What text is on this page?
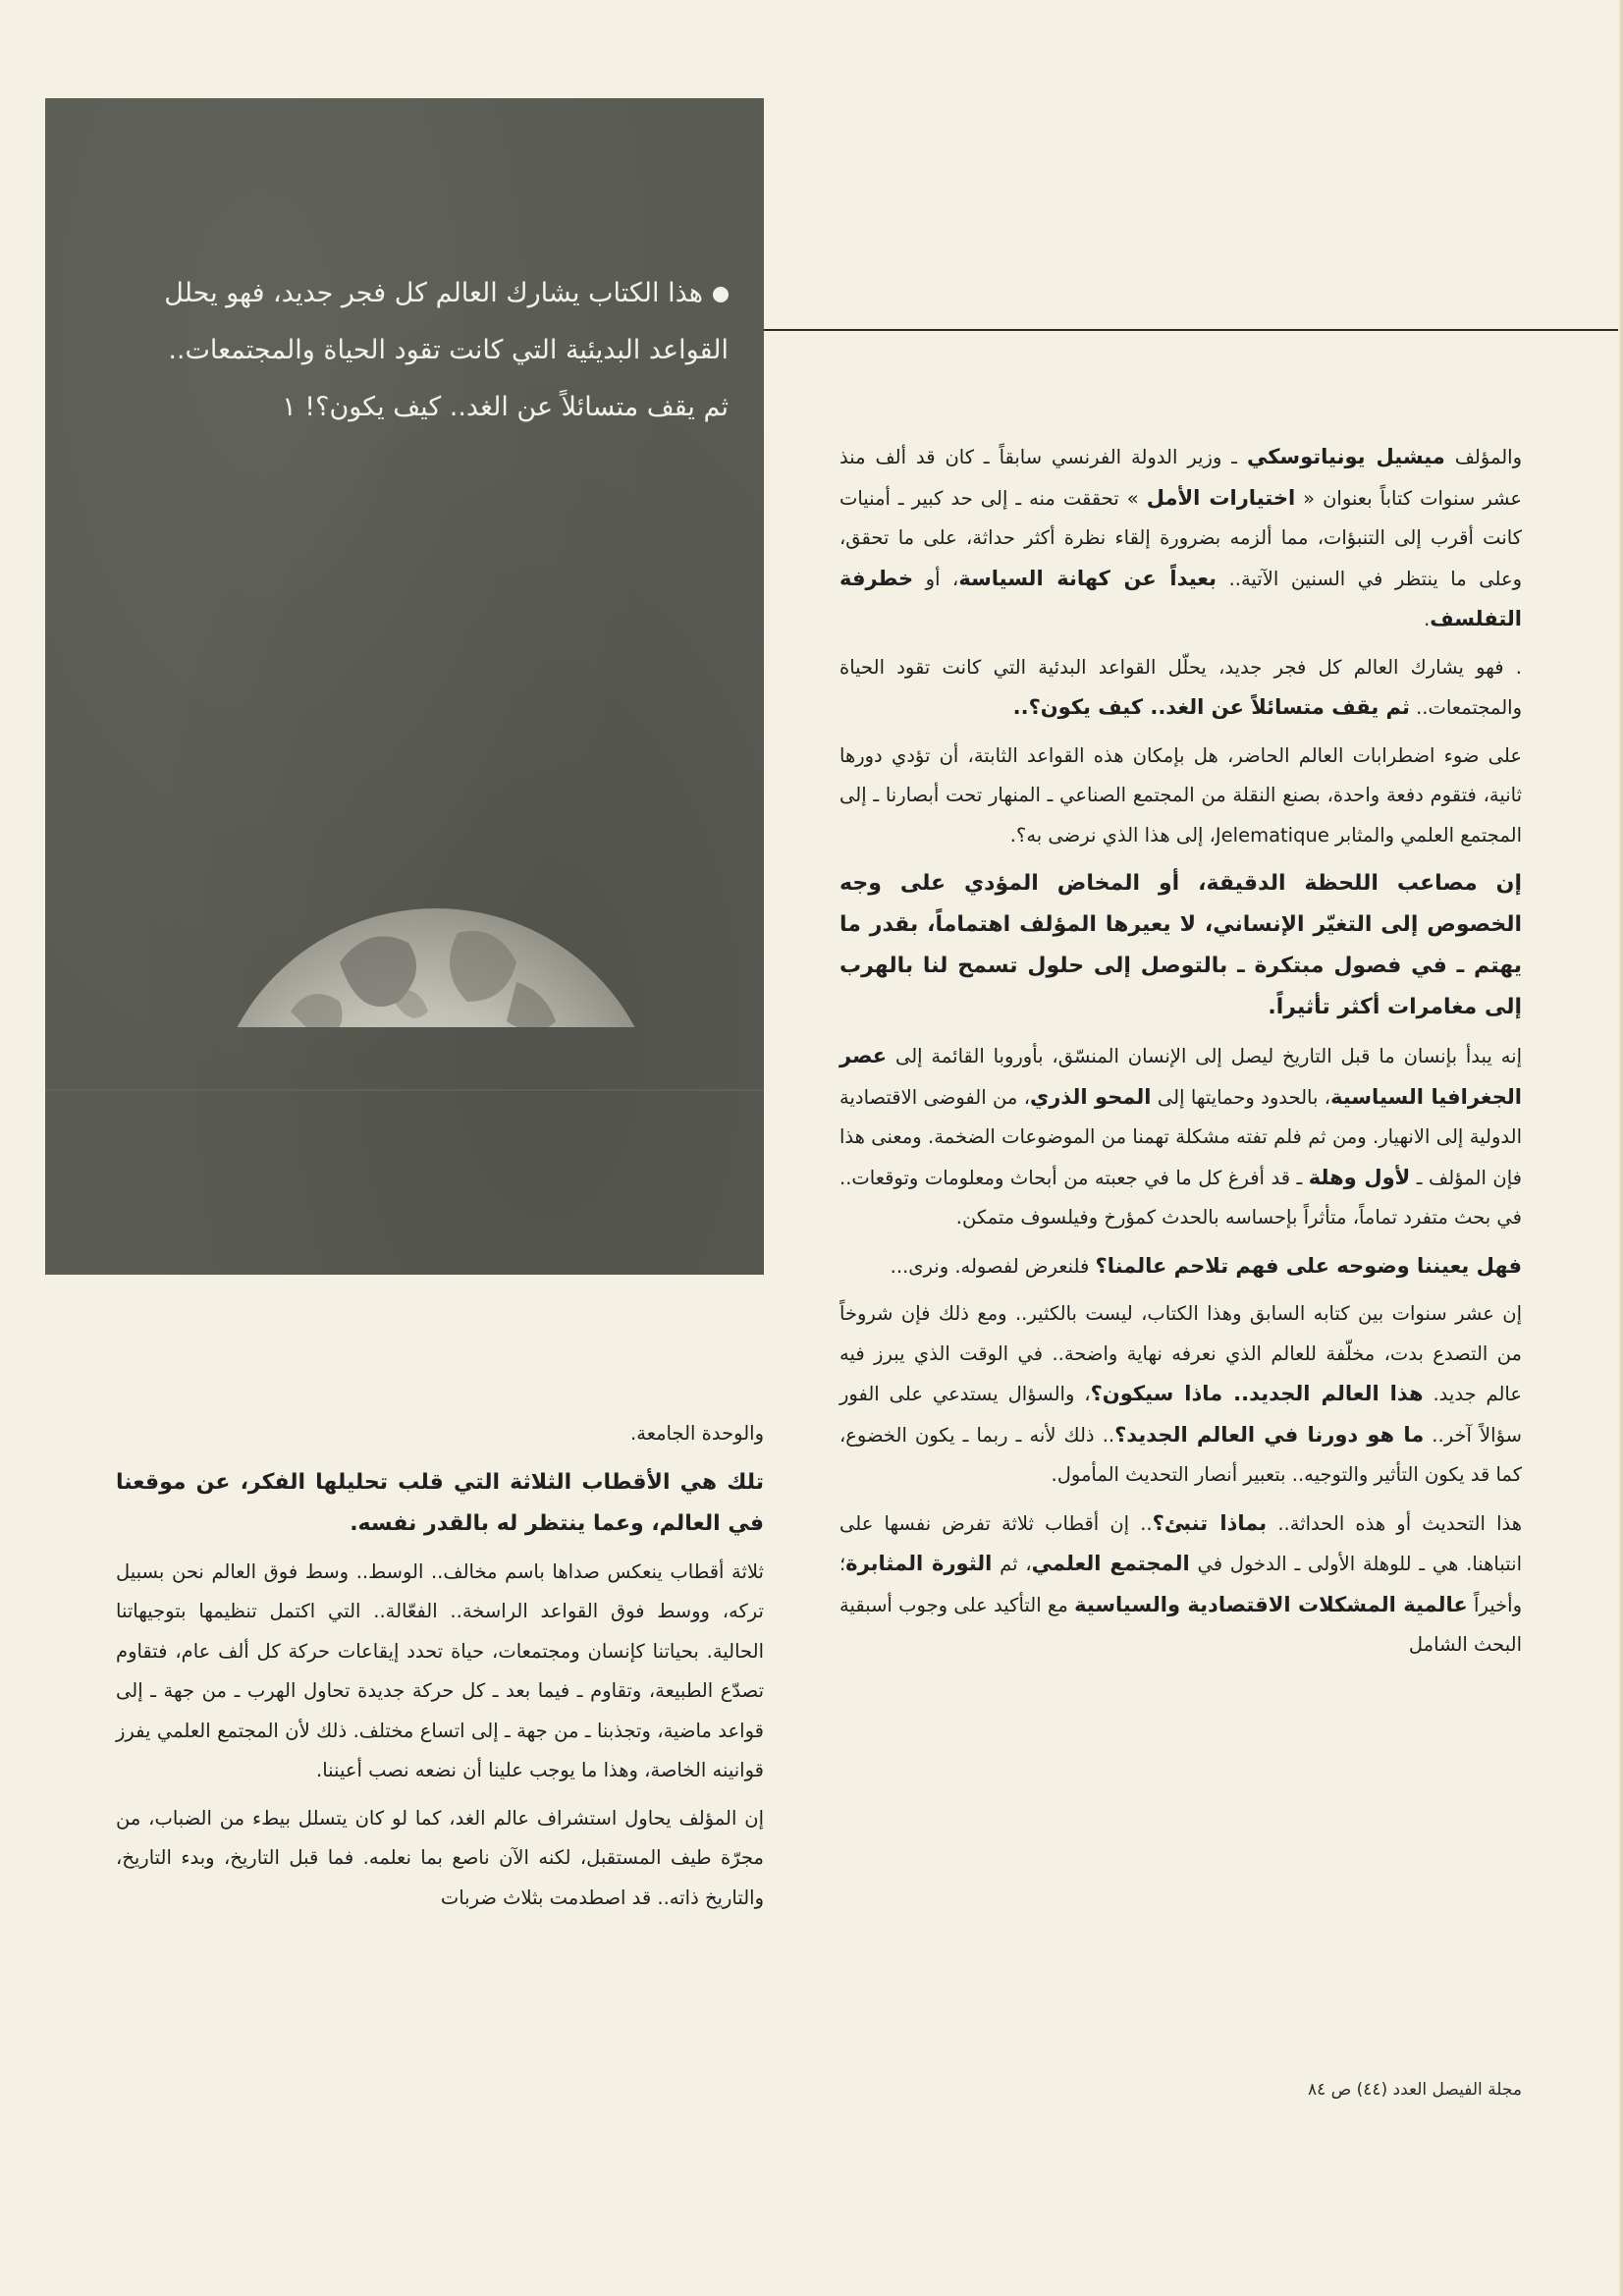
هذا الكتاب يشارك العالم كل فجر جديد، فهو يحلل
القواعد البديئية التي كانت تقود الحياة والمجتمعات..
ثم يقف متسائلاً عن الغد.. كيف يكون؟! ١

والمؤلف ميشيل يونياتوسكي ـ وزير الدولة الفرنسي سابقاً ـ كان قد ألف منذ عشر سنوات كتاباً بعنوان « اختيارات الأمل » تحققت منه ـ إلى حد كبير ـ أمنيات كانت أقرب إلى التنبؤات، مما ألزمه بضرورة إلقاء نظرة أكثر حداثة، على ما تحقق، وعلى ما ينتظر في السنين الآتية.. بعيداً عن كهانة السياسة، أو خطرفة التفلسف.

. فهو يشارك العالم كل فجر جديد، يحلّل القواعد البدئية التي كانت تقود الحياة والمجتمعات.. ثم يقف متسائلاً عن الغد.. كيف يكون؟..

على ضوء اضطرابات العالم الحاضر، هل بإمكان هذه القواعد الثابتة، أن تؤدي دورها ثانية، فتقوم دفعة واحدة، بصنع النقلة من المجتمع الصناعي ـ المنهار تحت أبصارنا ـ إلى المجتمع العلمي والمثابر Jelematique، إلى هذا الذي نرضى به؟.

إن مصاعب اللحظة الدقيقة، أو المخاض المؤدي على وجه الخصوص إلى التغيّر الإنساني، لا يعيرها المؤلف اهتماماً، بقدر ما يهتم ـ في فصول مبتكرة ـ بالتوصل إلى حلول تسمح لنا بالهرب إلى مغامرات أكثر تأثيراً.

إنه يبدأ بإنسان ما قبل التاريخ ليصل إلى الإنسان المنسّق، بأوروبا القائمة إلى عصر الجغرافيا السياسية، بالحدود وحمايتها إلى المحو الذري، من الفوضى الاقتصادية الدولية إلى الانهيار. ومن ثم فلم تفته مشكلة تهمنا من الموضوعات الضخمة. ومعنى هذا فإن المؤلف ـ لأول وهلة ـ قد أفرغ كل ما في جعبته من أبحاث ومعلومات وتوقعات.. في بحث متفرد تماماً، متأثراً بإحساسه بالحدث كمؤرخ وفيلسوف متمكن.

فهل يعيننا وضوحه على فهم تلاحم عالمنا؟ فلنعرض لفصوله. ونرى...

إن عشر سنوات بين كتابه السابق وهذا الكتاب، ليست بالكثير.. ومع ذلك فإن شروخاً من التصدع بدت، مخلّفة للعالم الذي نعرفه نهاية واضحة.. في الوقت الذي يبرز فيه عالم جديد. هذا العالم الجديد.. ماذا سيكون؟، والسؤال يستدعي على الفور سؤالاً آخر.. ما هو دورنا في العالم الجديد؟.. ذلك لأنه ـ ربما ـ يكون الخضوع، كما قد يكون التأثير والتوجيه.. بتعبير أنصار التحديث المأمول.

هذا التحديث أو هذه الحداثة.. بماذا تنبئ؟.. إن أقطاب ثلاثة تفرض نفسها على انتباهنا. هي ـ للوهلة الأولى ـ الدخول في المجتمع العلمي، ثم الثورة المثابرة؛ وأخيراً عالمية المشكلات الاقتصادية والسياسية مع التأكيد على وجوب أسبقية البحث الشامل

والوحدة الجامعة.

تلك هي الأقطاب الثلاثة التي قلب تحليلها الفكر، عن موقعنا في العالم، وعما ينتظر له بالقدر نفسه.

ثلاثة أقطاب ينعكس صداها باسم مخالف.. الوسط.. وسط فوق العالم نحن بسبيل تركه، ووسط فوق القواعد الراسخة.. الفعّالة.. التي اكتمل تنظيمها بتوجيهاتنا الحالية. بحياتنا كإنسان ومجتمعات، حياة تحدد إيقاعات حركة كل ألف عام، فتقاوم تصدّع الطبيعة، وتقاوم ـ فيما بعد ـ كل حركة جديدة تحاول الهرب ـ من جهة ـ إلى قواعد ماضية، وتجذبنا ـ من جهة ـ إلى اتساع مختلف. ذلك لأن المجتمع العلمي يفرز قوانينه الخاصة، وهذا ما يوجب علينا أن نضعه نصب أعيننا.

إن المؤلف يحاول استشراف عالم الغد، كما لو كان يتسلل بيطء من الضباب، من مجرّة طيف المستقبل، لكنه الآن ناصع بما نعلمه. فما قبل التاريخ، وبدء التاريخ، والتاريخ ذاته.. قد اصطدمت بثلاث ضربات

مجلة الفيصل العدد (٤٤) ص ٨٤
